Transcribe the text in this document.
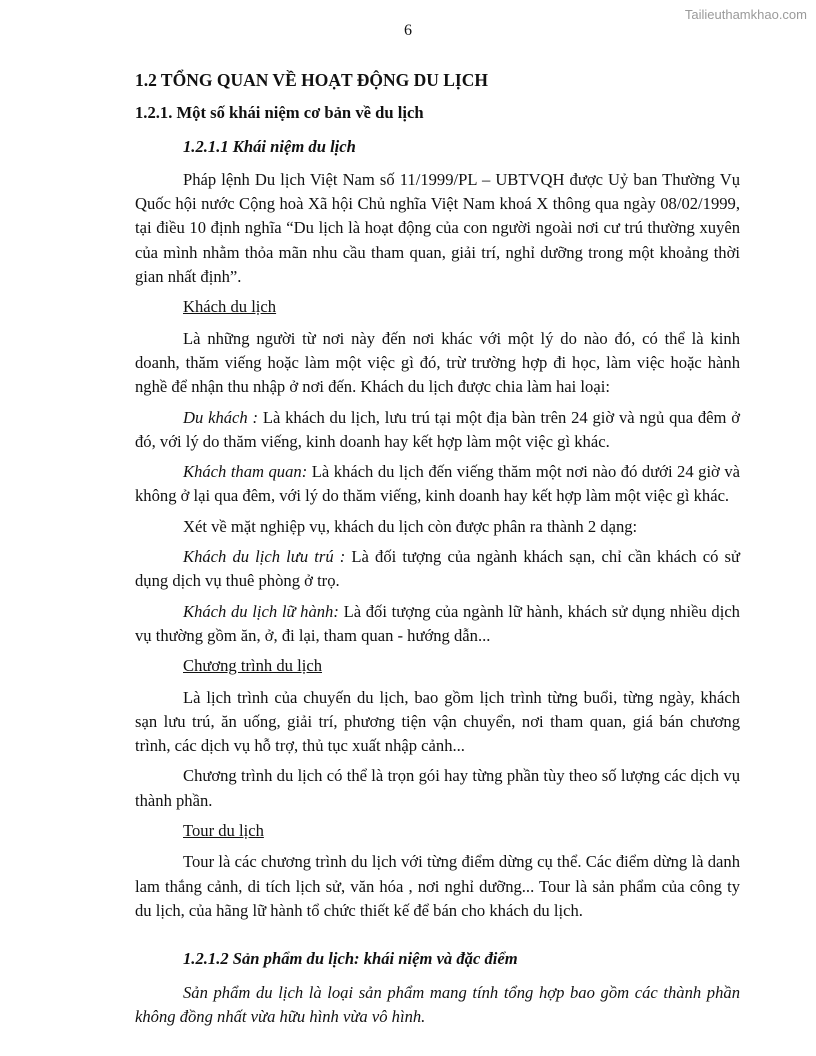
Tailieuthamkhao.com
6
1.2 TỔNG QUAN VỀ HOẠT ĐỘNG DU LỊCH
1.2.1. Một số khái niệm cơ bản về du lịch
1.2.1.1 Khái niệm du lịch

Pháp lệnh Du lịch Việt Nam số 11/1999/PL – UBTVQH được Uỷ ban Thường Vụ Quốc hội nước Cộng hoà Xã hội Chủ nghĩa Việt Nam khoá X thông qua ngày 08/02/1999, tại điều 10 định nghĩa “Du lịch là hoạt động của con người ngoài nơi cư trú thường xuyên của mình nhằm thỏa mãn nhu cầu tham quan, giải trí, nghỉ dưỡng trong một khoảng thời gian nhất định”.

Khách du lịch

Là những người từ nơi này đến nơi khác với một lý do nào đó, có thể là kinh doanh, thăm viếng hoặc làm một việc gì đó, trừ trường hợp đi học, làm việc hoặc hành nghề để nhận thu nhập ở nơi đến. Khách du lịch được chia làm hai loại:

Du khách : Là khách du lịch, lưu trú tại một địa bàn trên 24 giờ và ngủ qua đêm ở đó, với lý do thăm viếng, kinh doanh hay kết hợp làm một việc gì khác.

Khách tham quan: Là khách du lịch đến viếng thăm một nơi nào đó dưới 24 giờ và không ở lại qua đêm, với lý do thăm viếng, kinh doanh hay kết hợp làm một việc gì khác.

Xét về mặt nghiệp vụ, khách du lịch còn được phân ra thành 2 dạng:

Khách du lịch lưu trú : Là đối tượng của ngành khách sạn, chỉ cần khách có sử dụng dịch vụ thuê phòng ở trọ.

Khách du lịch lữ hành: Là đối tượng của ngành lữ hành, khách sử dụng nhiều dịch vụ thường gồm ăn, ở, đi lại, tham quan - hướng dẫn...

Chương trình du lịch

Là lịch trình của chuyến du lịch, bao gồm lịch trình từng buổi, từng ngày, khách sạn lưu trú, ăn uống, giải trí, phương tiện vận chuyển, nơi tham quan, giá bán chương trình, các dịch vụ hỗ trợ, thủ tục xuất nhập cảnh...

Chương trình du lịch có thể là trọn gói hay từng phần tùy theo số lượng các dịch vụ thành phần.

Tour du lịch

Tour là các chương trình du lịch với từng điểm dừng cụ thể. Các điểm dừng là danh lam thắng cảnh, di tích lịch sử, văn hóa , nơi nghỉ dưỡng... Tour là sản phẩm của công ty du lịch, của hãng lữ hành tổ chức thiết kế để bán cho khách du lịch.

1.2.1.2 Sản phẩm du lịch: khái niệm và đặc điểm

Sản phẩm du lịch là loại sản phẩm mang tính tổng hợp bao gồm các thành phần không đồng nhất vừa hữu hình vừa vô hình.
